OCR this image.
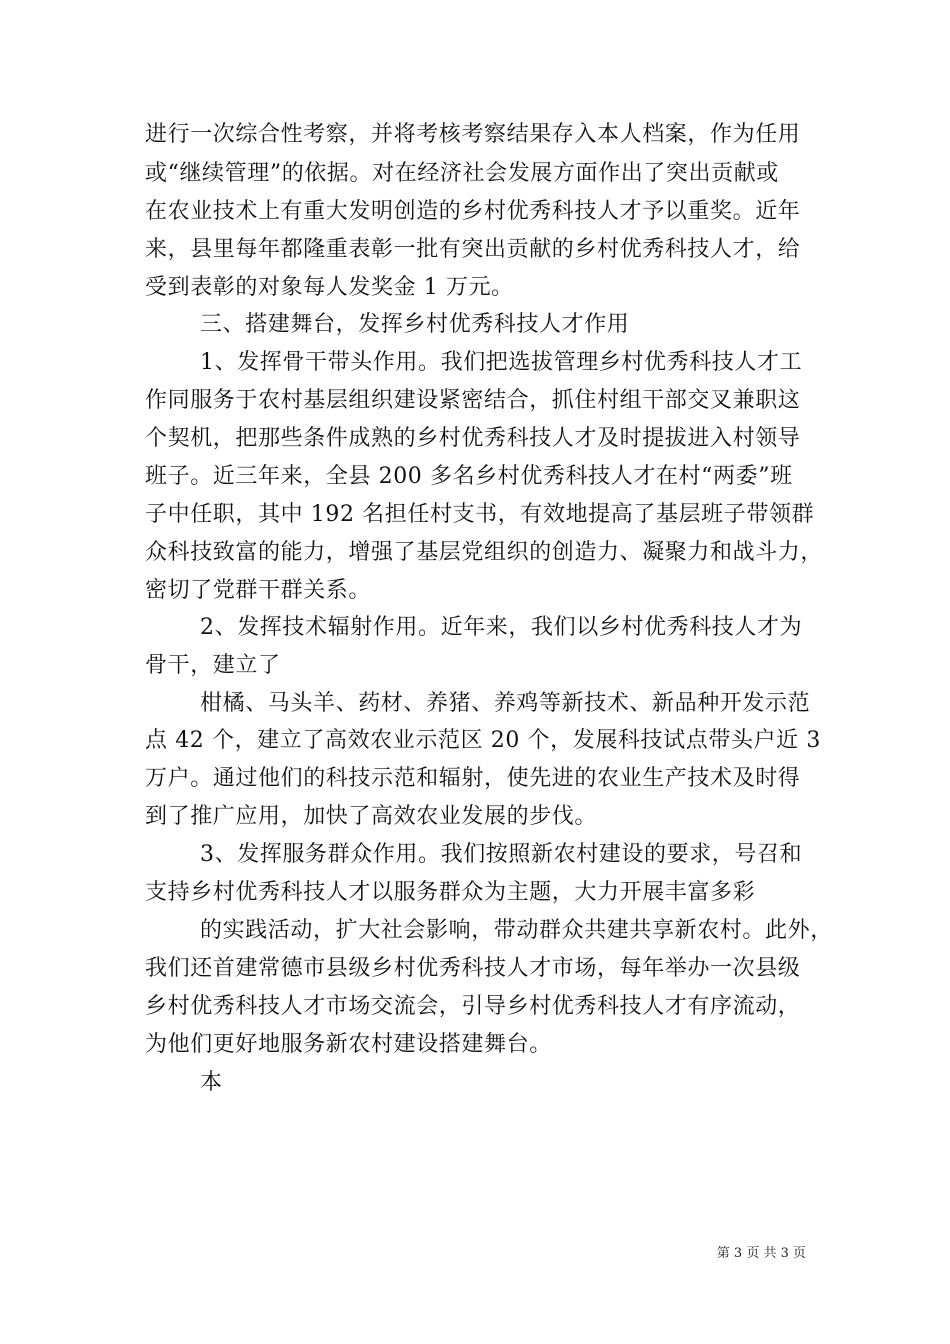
进行一次综合性考察，并将考核考察结果存入本人档案，作为任用
或“继续管理”的依据。对在经济社会发展方面作出了突出贡献或
在农业技术上有重大发明创造的乡村优秀科技人才予以重奖。近年
来，县里每年都隆重表彰一批有突出贡献的乡村优秀科技人才，给
受到表彰的对象每人发奖金 1 万元。
三、搭建舞台，发挥乡村优秀科技人才作用
1、发挥骨干带头作用。我们把选拔管理乡村优秀科技人才工
作同服务于农村基层组织建设紧密结合，抓住村组干部交叉兼职这
个契机，把那些条件成熟的乡村优秀科技人才及时提拔进入村领导
班子。近三年来，全县 200 多名乡村优秀科技人才在村“两委”班
子中任职，其中 192 名担任村支书，有效地提高了基层班子带领群
众科技致富的能力，增强了基层党组织的创造力、凝聚力和战斗力，
密切了党群干群关系。
2、发挥技术辐射作用。近年来，我们以乡村优秀科技人才为
骨干，建立了
柑橘、马头羊、药材、养猪、养鸡等新技术、新品种开发示范
点 42 个，建立了高效农业示范区 20 个，发展科技试点带头户近 3
万户。通过他们的科技示范和辐射，使先进的农业生产技术及时得
到了推广应用，加快了高效农业发展的步伐。
3、发挥服务群众作用。我们按照新农村建设的要求，号召和
支持乡村优秀科技人才以服务群众为主题，大力开展丰富多彩
的实践活动，扩大社会影响，带动群众共建共享新农村。此外，
我们还首建常德市县级乡村优秀科技人才市场，每年举办一次县级
乡村优秀科技人才市场交流会，引导乡村优秀科技人才有序流动，
为他们更好地服务新农村建设搭建舞台。
本
第 3 页 共 3 页
